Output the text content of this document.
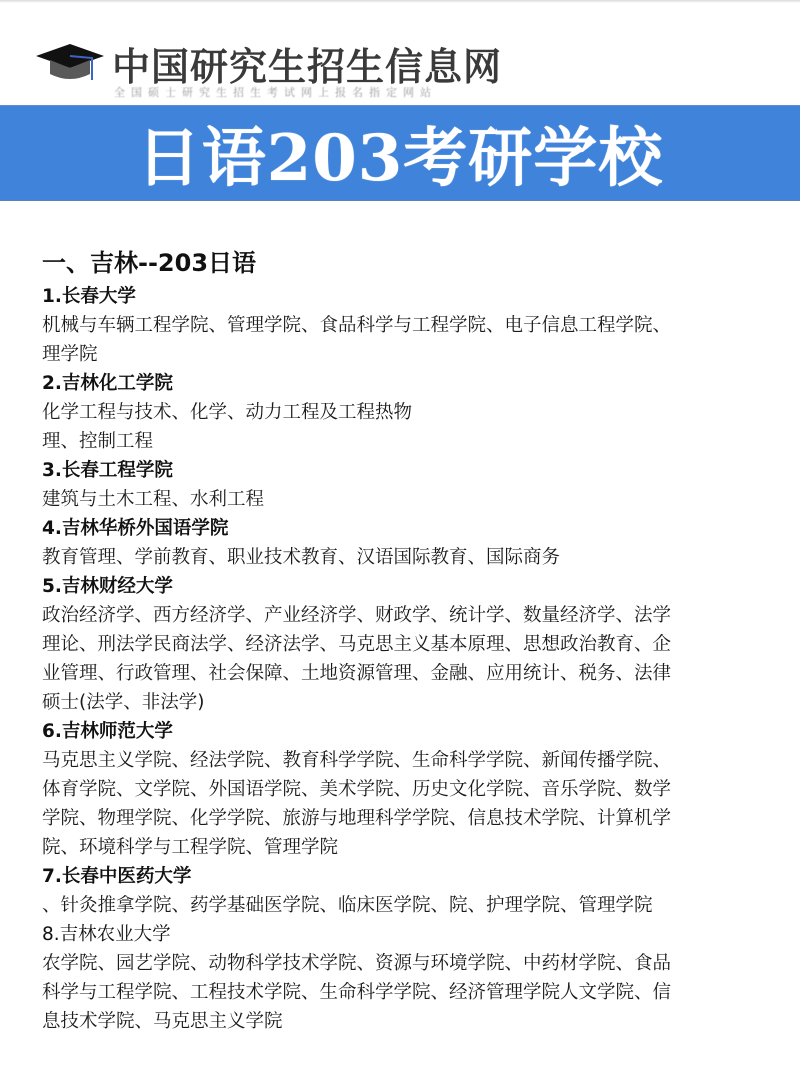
中国研究生招生信息网
全国硕士研究生招生考试网上报名指定网站
日语203考研学校
一、吉林--203日语
1.长春大学
机械与车辆工程学院、管理学院、食品科学与工程学院、电子信息工程学院、
理学院
2.吉林化工学院
化学工程与技术、化学、动力工程及工程热物
理、控制工程
3.长春工程学院
建筑与土木工程、水利工程
4.吉林华桥外国语学院
教育管理、学前教育、职业技术教育、汉语国际教育、国际商务
5.吉林财经大学
政治经济学、西方经济学、产业经济学、财政学、统计学、数量经济学、法学
理论、刑法学民商法学、经济法学、马克思主义基本原理、思想政治教育、企
业管理、行政管理、社会保障、土地资源管理、金融、应用统计、税务、法律
硕士(法学、非法学)
6.吉林师范大学
马克思主义学院、经法学院、教育科学学院、生命科学学院、新闻传播学院、
体育学院、文学院、外国语学院、美术学院、历史文化学院、音乐学院、数学
学院、物理学院、化学学院、旅游与地理科学学院、信息技术学院、计算机学
院、环境科学与工程学院、管理学院
7.长春中医药大学
、针灸推拿学院、药学基础医学院、临床医学院、院、护理学院、管理学院
8.吉林农业大学
农学院、园艺学院、动物科学技术学院、资源与环境学院、中药材学院、食品
科学与工程学院、工程技术学院、生命科学学院、经济管理学院人文学院、信
息技术学院、马克思主义学院
